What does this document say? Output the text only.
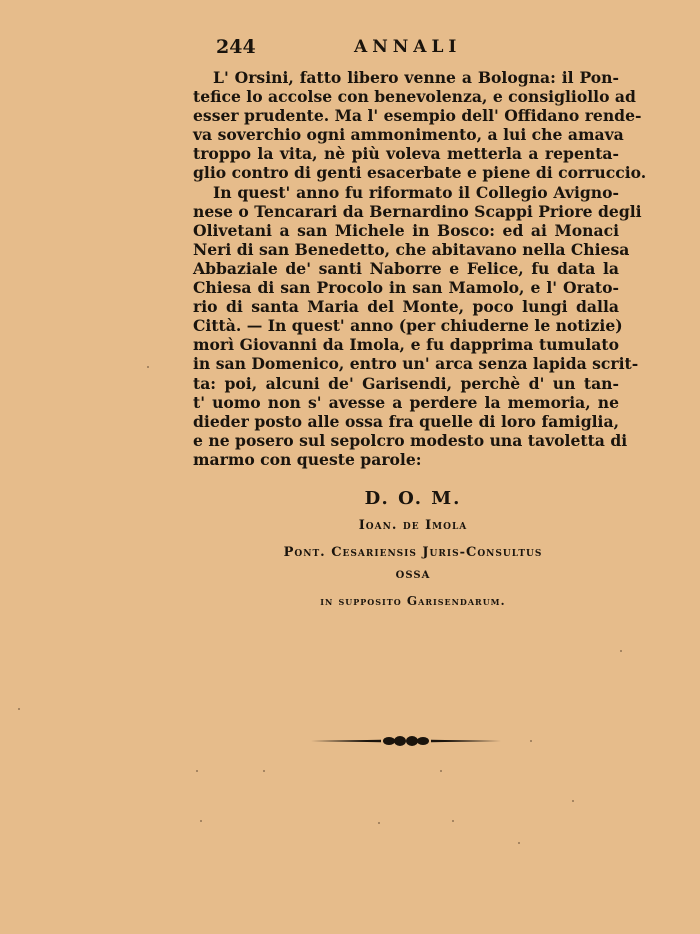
244	ANNALI
L' Orsini, fatto libero venne a Bologna: il Pon-
tefice lo accolse con benevolenza, e consigliollo ad
esser prudente. Ma l' esempio dell' Offidano rende-
va soverchio ogni ammonimento, a lui che amava
troppo la vita, nè più voleva metterla a repenta-
glio contro di genti esacerbate e piene di corruccio.
In quest' anno fu riformato il Collegio Avigno-
nese o Tencarari da Bernardino Scappi Priore degli
Olivetani a san Michele in Bosco: ed ai Monaci
Neri di san Benedetto, che abitavano nella Chiesa
Abbaziale de' santi Naborre e Felice, fu data la
Chiesa di san Procolo in san Mamolo, e l' Orato-
rio di santa Maria del Monte, poco lungi dalla
Città. — In quest' anno (per chiuderne le notizie)
morì Giovanni da Imola, e fu dapprima tumulato
in san Domenico, entro un' arca senza lapida scrit-
ta: poi, alcuni de' Garisendi, perchè d' un tan-
t' uomo non s' avesse a perdere la memoria, ne
dieder posto alle ossa fra quelle di loro famiglia,
e ne posero sul sepolcro modesto una tavoletta di
marmo con queste parole:
D. O. M.
Ioan. de Imola
Pont. Cesariensis Juris-Consultus
OSSA
in supposito Garisendarum.
